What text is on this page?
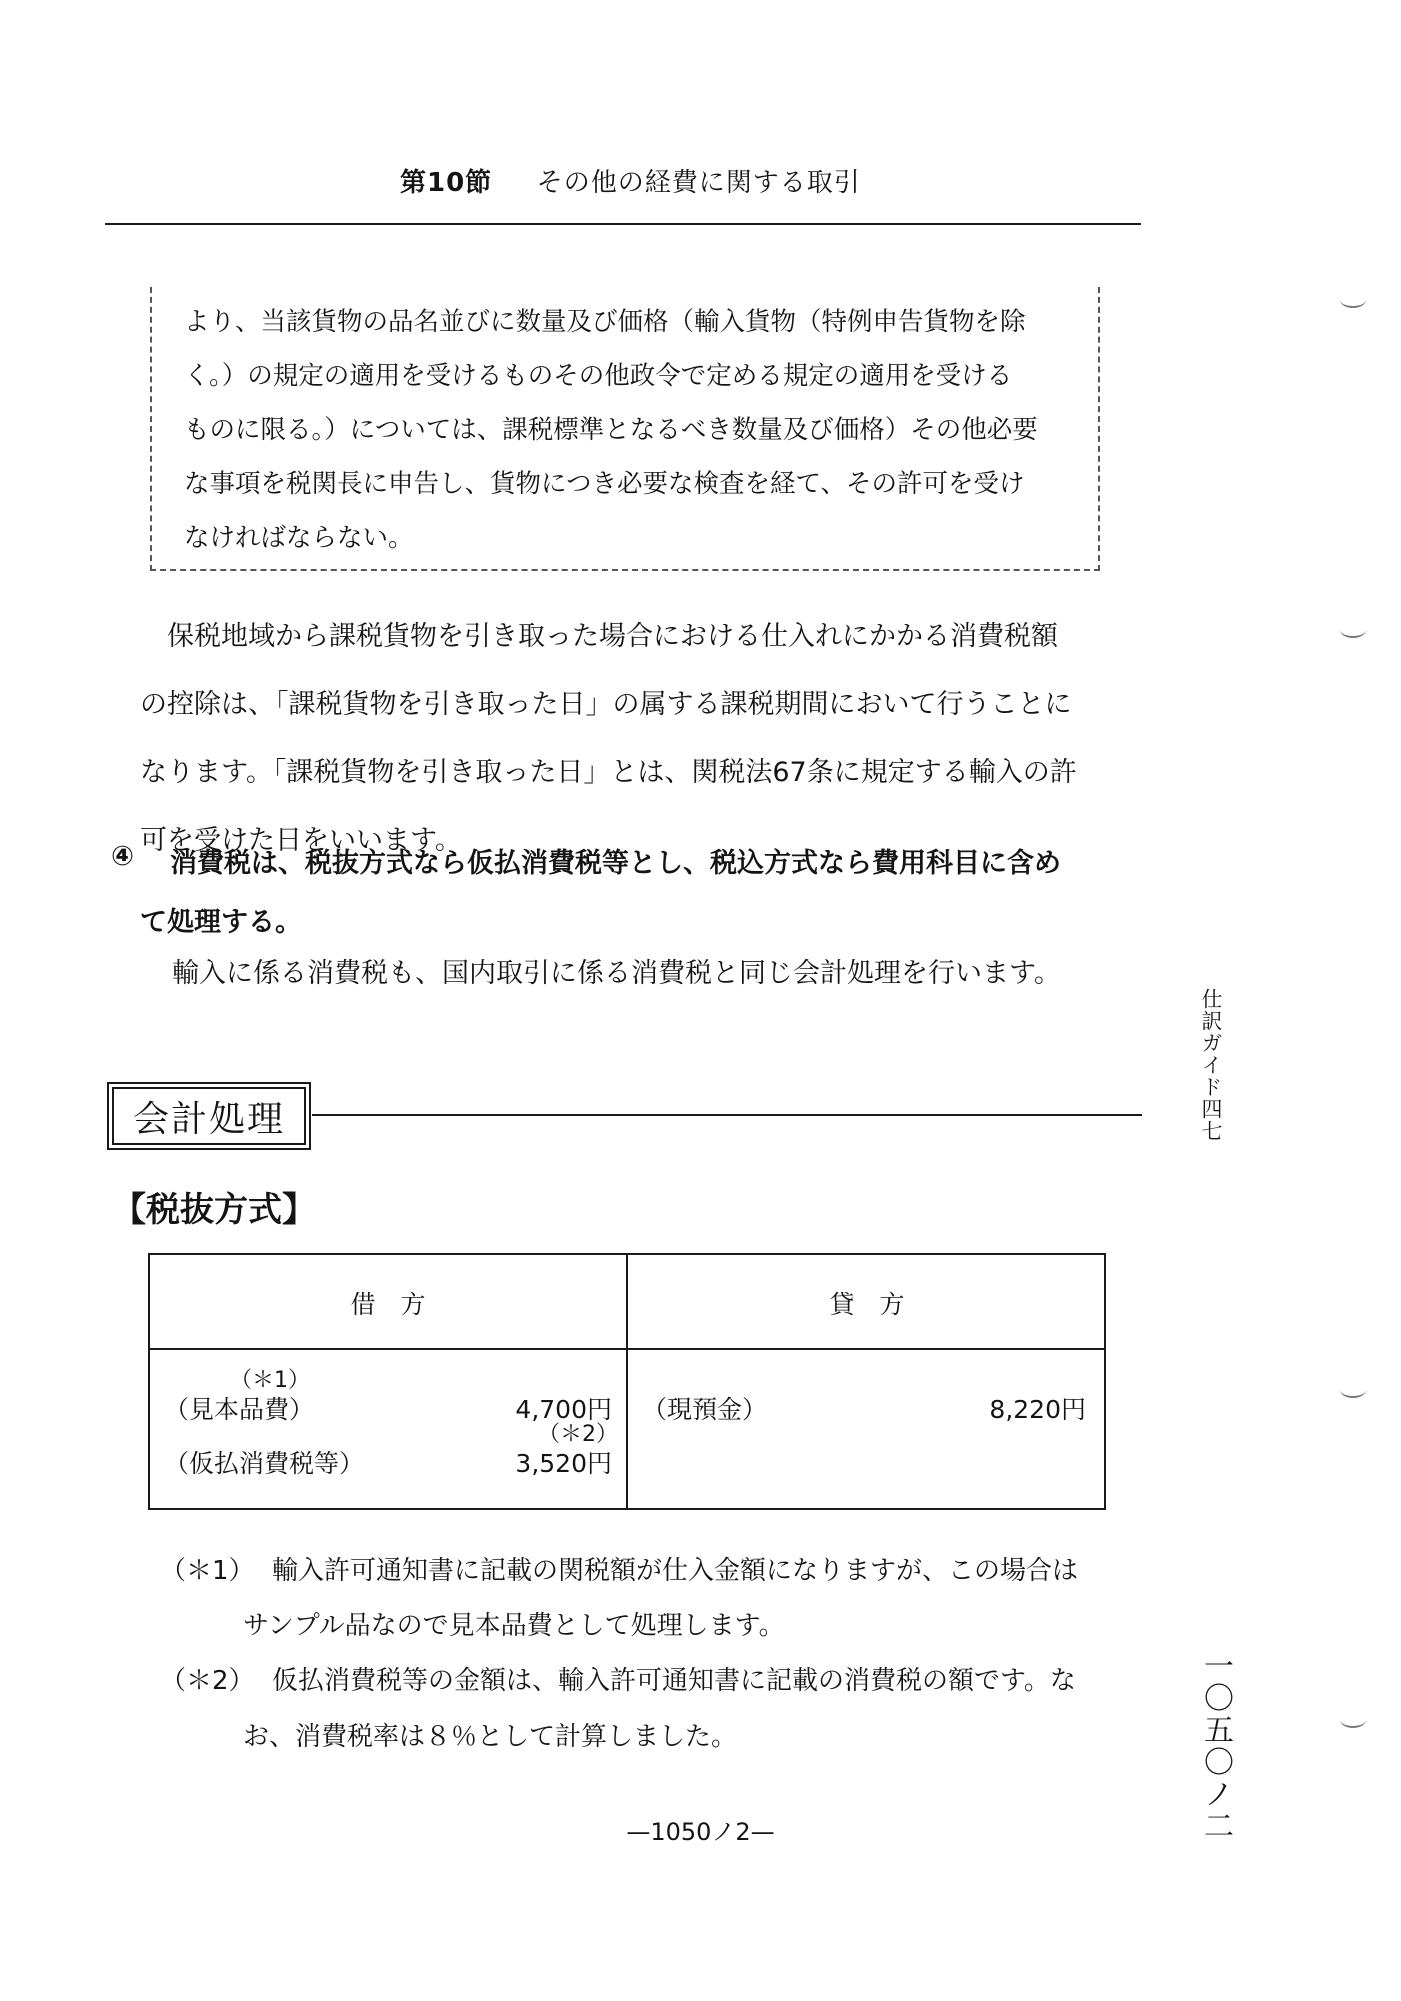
第10節 その他の経費に関する取引
より、当該貨物の品名並びに数量及び価格（輸入貨物（特例申告貨物を除
く。）の規定の適用を受けるものその他政令で定める規定の適用を受ける
ものに限る。）については、課税標準となるべき数量及び価格）その他必要
な事項を税関長に申告し、貨物につき必要な検査を経て、その許可を受け
なければならない。
　保税地域から課税貨物を引き取った場合における仕入れにかかる消費税額
の控除は、「課税貨物を引き取った日」の属する課税期間において行うことに
なります。「課税貨物を引き取った日」とは、関税法67条に規定する輸入の許
可を受けた日をいいます。
④ 消費税は、税抜方式なら仮払消費税等とし、税込方式なら費用科目に含め
て処理する。
輸入に係る消費税も、国内取引に係る消費税と同じ会計処理を行います。
会計処理
【税抜方式】
借　方	貸　方
（＊1）
（見本品費）	4,700円
（＊2）
（仮払消費税等）	3,520円
（現預金）	8,220円
（＊1） 輸入許可通知書に記載の関税額が仕入金額になりますが、この場合は
サンプル品なので見本品費として処理します。
（＊2） 仮払消費税等の金額は、輸入許可通知書に記載の消費税の額です。な
お、消費税率は８％として計算しました。
—1050ノ2—
仕訳ガイド四七
一〇五〇ノ二
